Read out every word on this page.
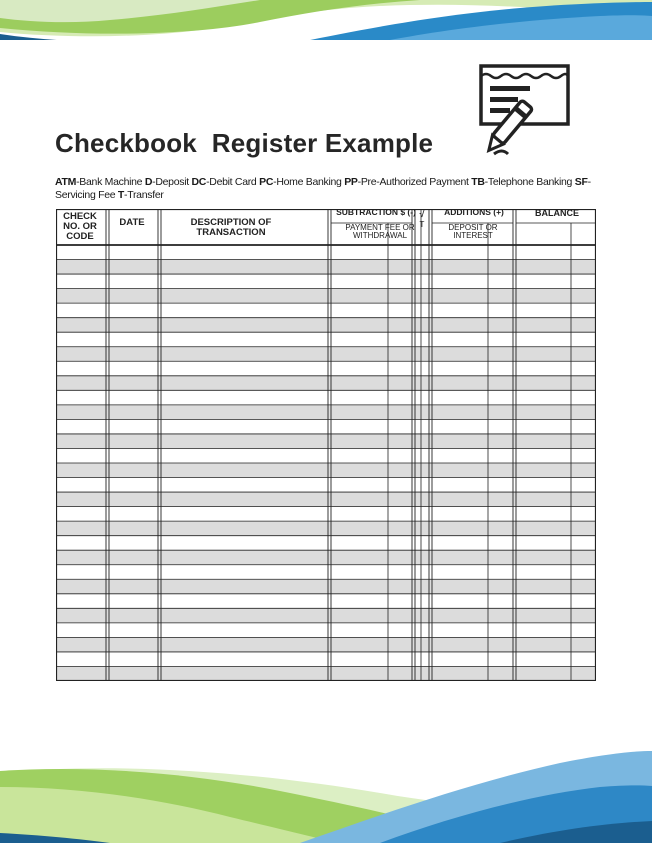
Checkbook  Register Example
ATM-Bank Machine D-Deposit DC-Debit Card PC-Home Banking PP-Pre-Authorized Payment TB-Telephone Banking SF-Servicing Fee T-Transfer
CHECK NO. OR CODE
DATE	DESCRIPTION OF TRANSACTION
SUBTRACTION $ (-)
PAYMENT FEE OR WITHDRAWAL
√
T
ADDITIONS (+)
DEPOSIT OR INTEREST
BALANCE
